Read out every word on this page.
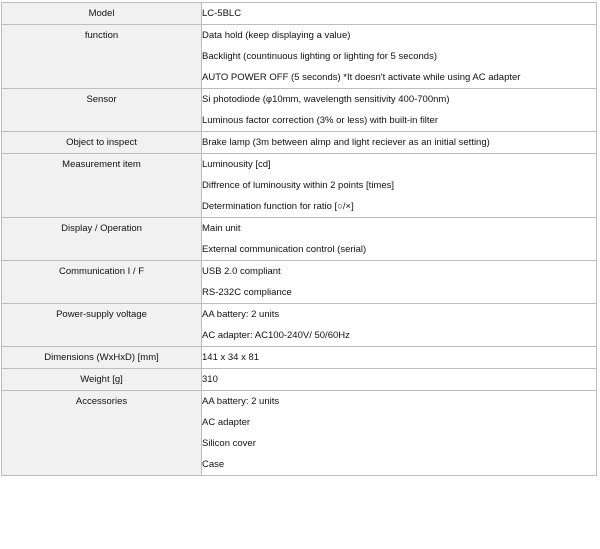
Model	LC-5BLC

function	Data hold (keep displaying a value)
Backlight (countinuous lighting or lighting for 5 seconds)
AUTO POWER OFF (5 seconds) *It doesn't activate while using AC adapter

Sensor	Si photodiode (φ10mm, wavelength sensitivity 400-700nm)
Luminous factor correction (3% or less) with built-in filter

Object to inspect	Brake lamp (3m between almp and light reciever as an initial setting)

Measurement item	Luminousity [cd]
Diffrence of luminousity within 2 points [times]
Determination function for ratio [○/×]

Display / Operation	Main unit
External communication control (serial)

Communication I / F	USB 2.0 compliant
RS-232C compliance

Power-supply voltage	AA battery: 2 units
AC adapter: AC100-240V/ 50/60Hz

Dimensions (WxHxD) [mm]	141 x 34 x 81

Weight [g]	310

Accessories	AA battery: 2 units
AC adapter
Silicon cover
Case
